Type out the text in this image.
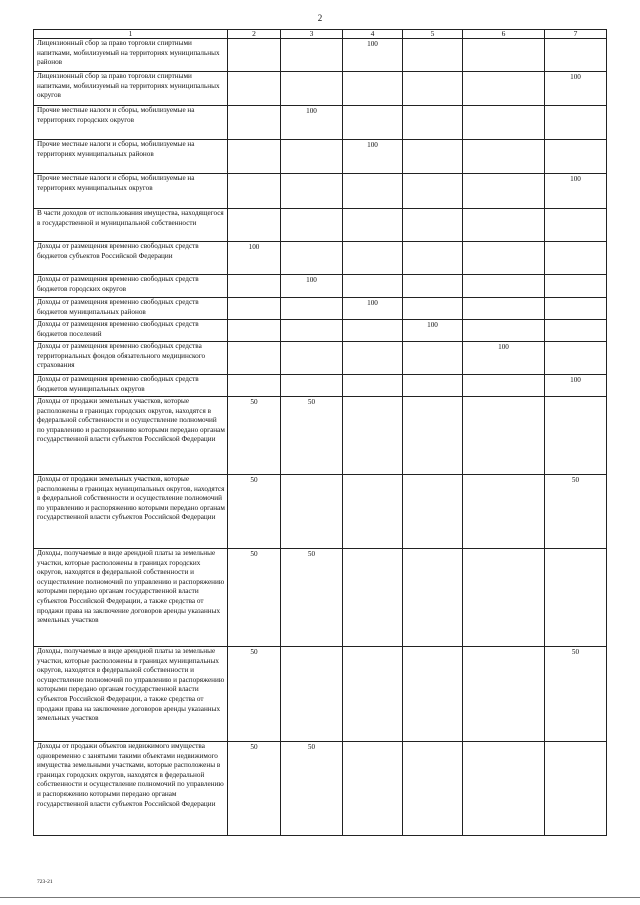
2
1	2	3	4	5	6	7
Лицензионный сбор за право торговли спиртными напитками, мобилизуемый на территориях муниципальных районов			100			
Лицензионный сбор за право торговли спиртными напитками, мобилизуемый на территориях муниципальных округов						100
Прочие местные налоги и сборы, мобилизуемые на территориях городских округов		100				
Прочие местные налоги и сборы, мобилизуемые на территориях муниципальных районов			100			
Прочие местные налоги и сборы, мобилизуемые на территориях муниципальных округов						100
В части доходов от использования имущества, находящегося в государственной и муниципальной собственности						
Доходы от размещения временно свободных средств бюджетов субъектов Российской Федерации	100					
Доходы от размещения временно свободных средств бюджетов городских округов		100				
Доходы от размещения временно свободных средств бюджетов муниципальных районов			100			
Доходы от размещения временно свободных средств бюджетов поселений				100		
Доходы от размещения временно свободных средства территориальных фондов обязательного медицинского страхования					100	
Доходы от размещения временно свободных средств бюджетов муниципальных округов						100
Доходы от продажи земельных участков, которые расположены в границах городских округов, находятся в федеральной собственности и осуществление полномочий по управлению и распоряжению которыми передано органам государственной власти субъектов Российской Федерации	50	50				
Доходы от продажи земельных участков, которые расположены в границах муниципальных округов, находятся в федеральной собственности и осуществление полномочий по управлению и распоряжению которыми передано органам государственной власти субъектов Российской Федерации	50					50
Доходы, получаемые в виде арендной платы за земельные участки, которые расположены в границах городских округов, находятся в федеральной собственности и осуществление полномочий по управлению и распоряжению которыми передано органам государственной власти субъектов Российской Федерации, а также средства от продажи права на заключение договоров аренды указанных земельных участков	50	50				
Доходы, получаемые в виде арендной платы за земельные участки, которые расположены в границах муниципальных округов, находятся в федеральной собственности и осуществление полномочий по управлению и распоряжению которыми передано органам государственной власти субъектов Российской Федерации, а также средства от продажи права на заключение договоров аренды указанных земельных участков	50					50
Доходы от продажи объектов недвижимого имущества одновременно с занятыми такими объектами недвижимого имущества земельными участками, которые расположены в границах городских округов, находятся в федеральной собственности и осуществление полномочий по управлению и распоряжению которыми передано органам государственной власти субъектов Российской Федерации	50	50				
723-21
